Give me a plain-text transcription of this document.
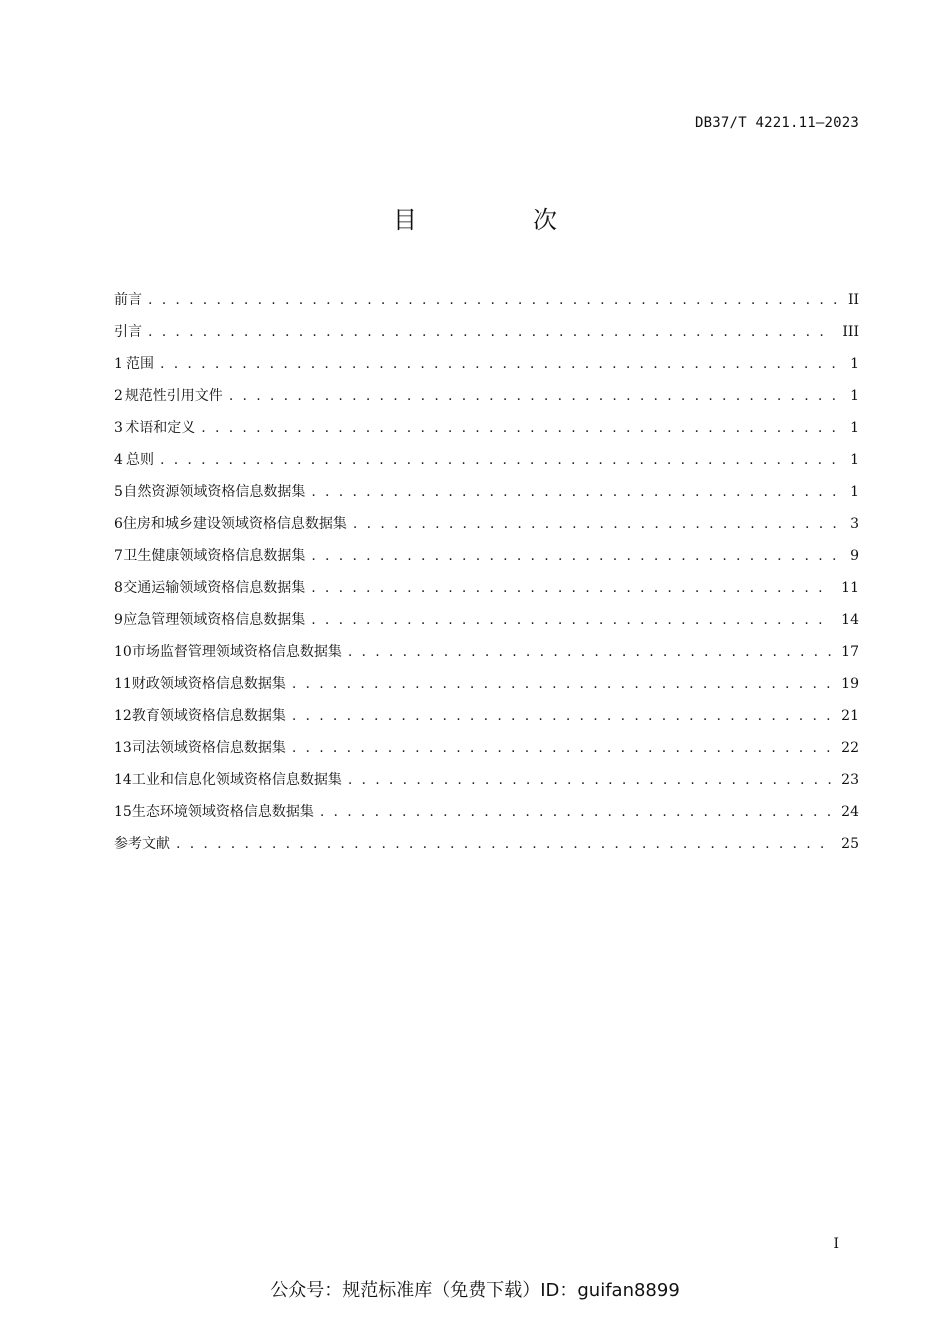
DB37/T 4221.11—2023
目　次
前言 . . .	II
引言 . . .	III
1 范围 . . .	1
2 规范性引用文件 . . .	1
3 术语和定义 . . .	1
4 总则 . . .	1
5 自然资源领域资格信息数据集 . . .	1
6 住房和城乡建设领域资格信息数据集 . . .	3
7 卫生健康领域资格信息数据集 . . .	9
8 交通运输领域资格信息数据集 . . .	11
9 应急管理领域资格信息数据集 . . .	14
10 市场监督管理领域资格信息数据集 . . .	17
11 财政领域资格信息数据集 . . .	19
12 教育领域资格信息数据集 . . .	21
13 司法领域资格信息数据集 . . .	22
14 工业和信息化领域资格信息数据集 . . .	23
15 生态环境领域资格信息数据集 . . .	24
参考文献 . . .	25
I
公众号：规范标准库（免费下载）ID：guifan8899
